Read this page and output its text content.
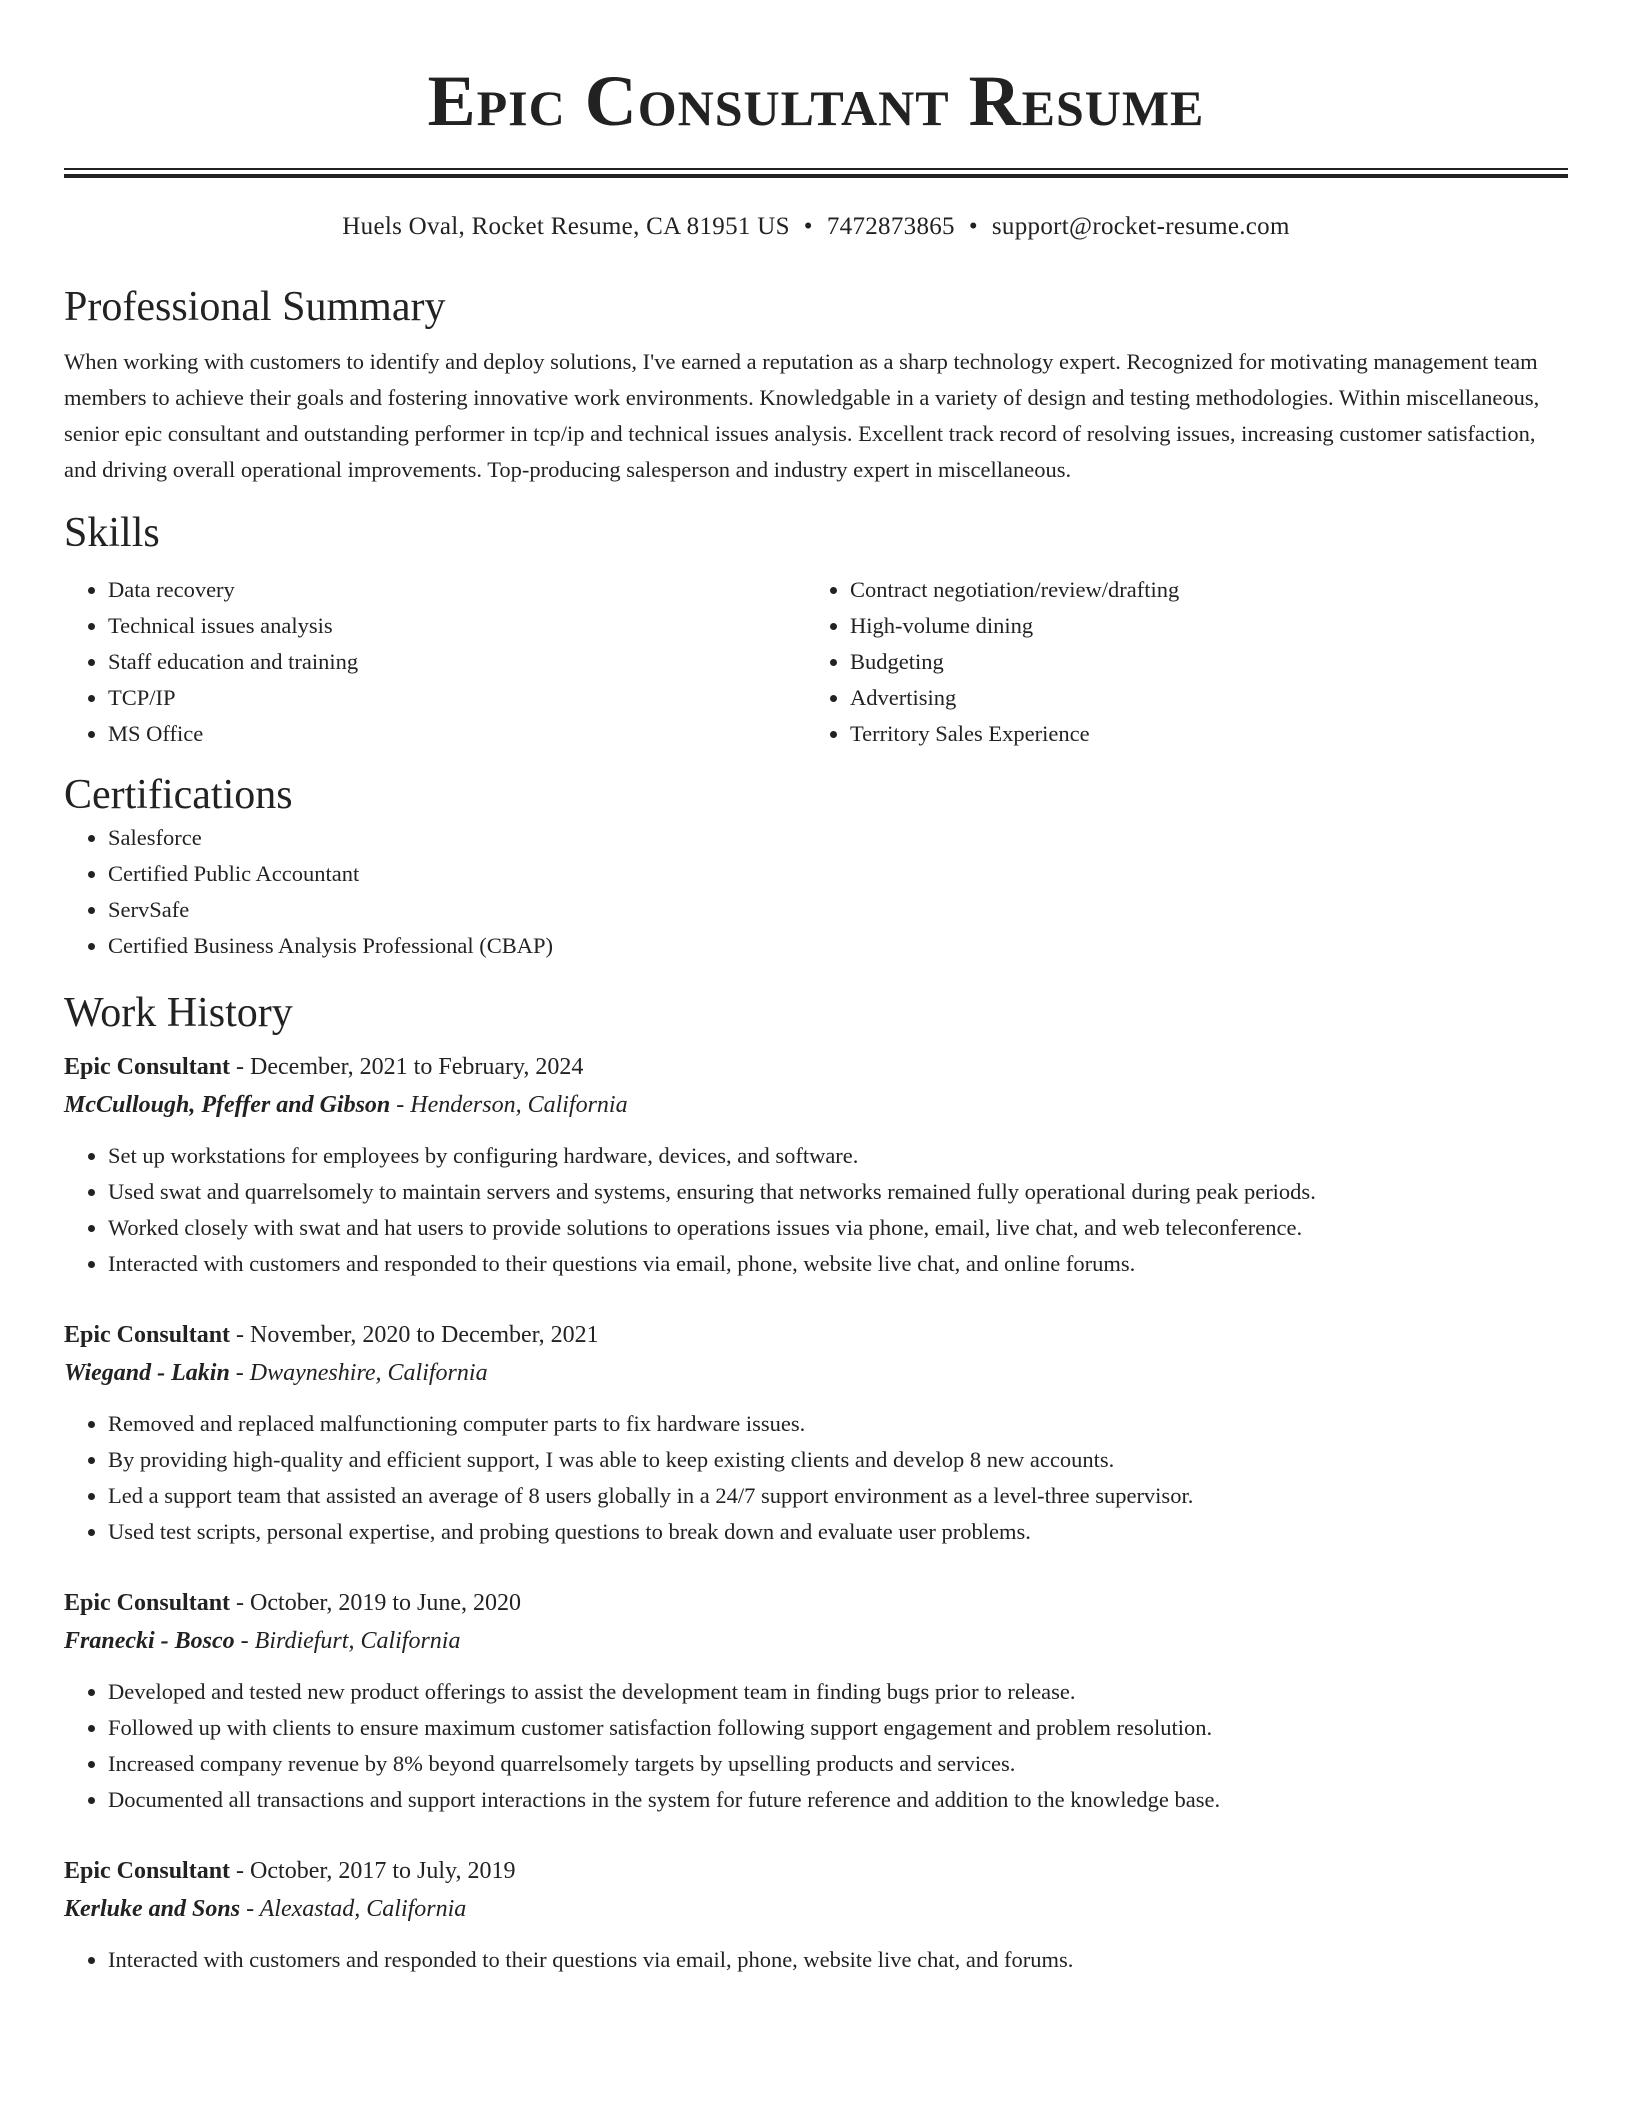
Epic Consultant Resume
Huels Oval, Rocket Resume, CA 81951 US • 7472873865 • support@rocket-resume.com
Professional Summary

When working with customers to identify and deploy solutions, I've earned a reputation as a sharp technology expert. Recognized for motivating management team members to achieve their goals and fostering innovative work environments. Knowledgable in a variety of design and testing methodologies. Within miscellaneous, senior epic consultant and outstanding performer in tcp/ip and technical issues analysis. Excellent track record of resolving issues, increasing customer satisfaction, and driving overall operational improvements. Top-producing salesperson and industry expert in miscellaneous.

Skills
• Data recovery
• Technical issues analysis
• Staff education and training
• TCP/IP
• MS Office
• Contract negotiation/review/drafting
• High-volume dining
• Budgeting
• Advertising
• Territory Sales Experience
Certifications
• Salesforce
• Certified Public Accountant
• ServSafe
• Certified Business Analysis Professional (CBAP)
Work History
Epic Consultant - December, 2021 to February, 2024
McCullough, Pfeffer and Gibson - Henderson, California
• Set up workstations for employees by configuring hardware, devices, and software.
• Used swat and quarrelsomely to maintain servers and systems, ensuring that networks remained fully operational during peak periods.
• Worked closely with swat and hat users to provide solutions to operations issues via phone, email, live chat, and web teleconference.
• Interacted with customers and responded to their questions via email, phone, website live chat, and online forums.
Epic Consultant - November, 2020 to December, 2021
Wiegand - Lakin - Dwayneshire, California
• Removed and replaced malfunctioning computer parts to fix hardware issues.
• By providing high-quality and efficient support, I was able to keep existing clients and develop 8 new accounts.
• Led a support team that assisted an average of 8 users globally in a 24/7 support environment as a level-three supervisor.
• Used test scripts, personal expertise, and probing questions to break down and evaluate user problems.
Epic Consultant - October, 2019 to June, 2020
Franecki - Bosco - Birdiefurt, California
• Developed and tested new product offerings to assist the development team in finding bugs prior to release.
• Followed up with clients to ensure maximum customer satisfaction following support engagement and problem resolution.
• Increased company revenue by 8% beyond quarrelsomely targets by upselling products and services.
• Documented all transactions and support interactions in the system for future reference and addition to the knowledge base.
Epic Consultant - October, 2017 to July, 2019
Kerluke and Sons - Alexastad, California
• Interacted with customers and responded to their questions via email, phone, website live chat, and forums.
